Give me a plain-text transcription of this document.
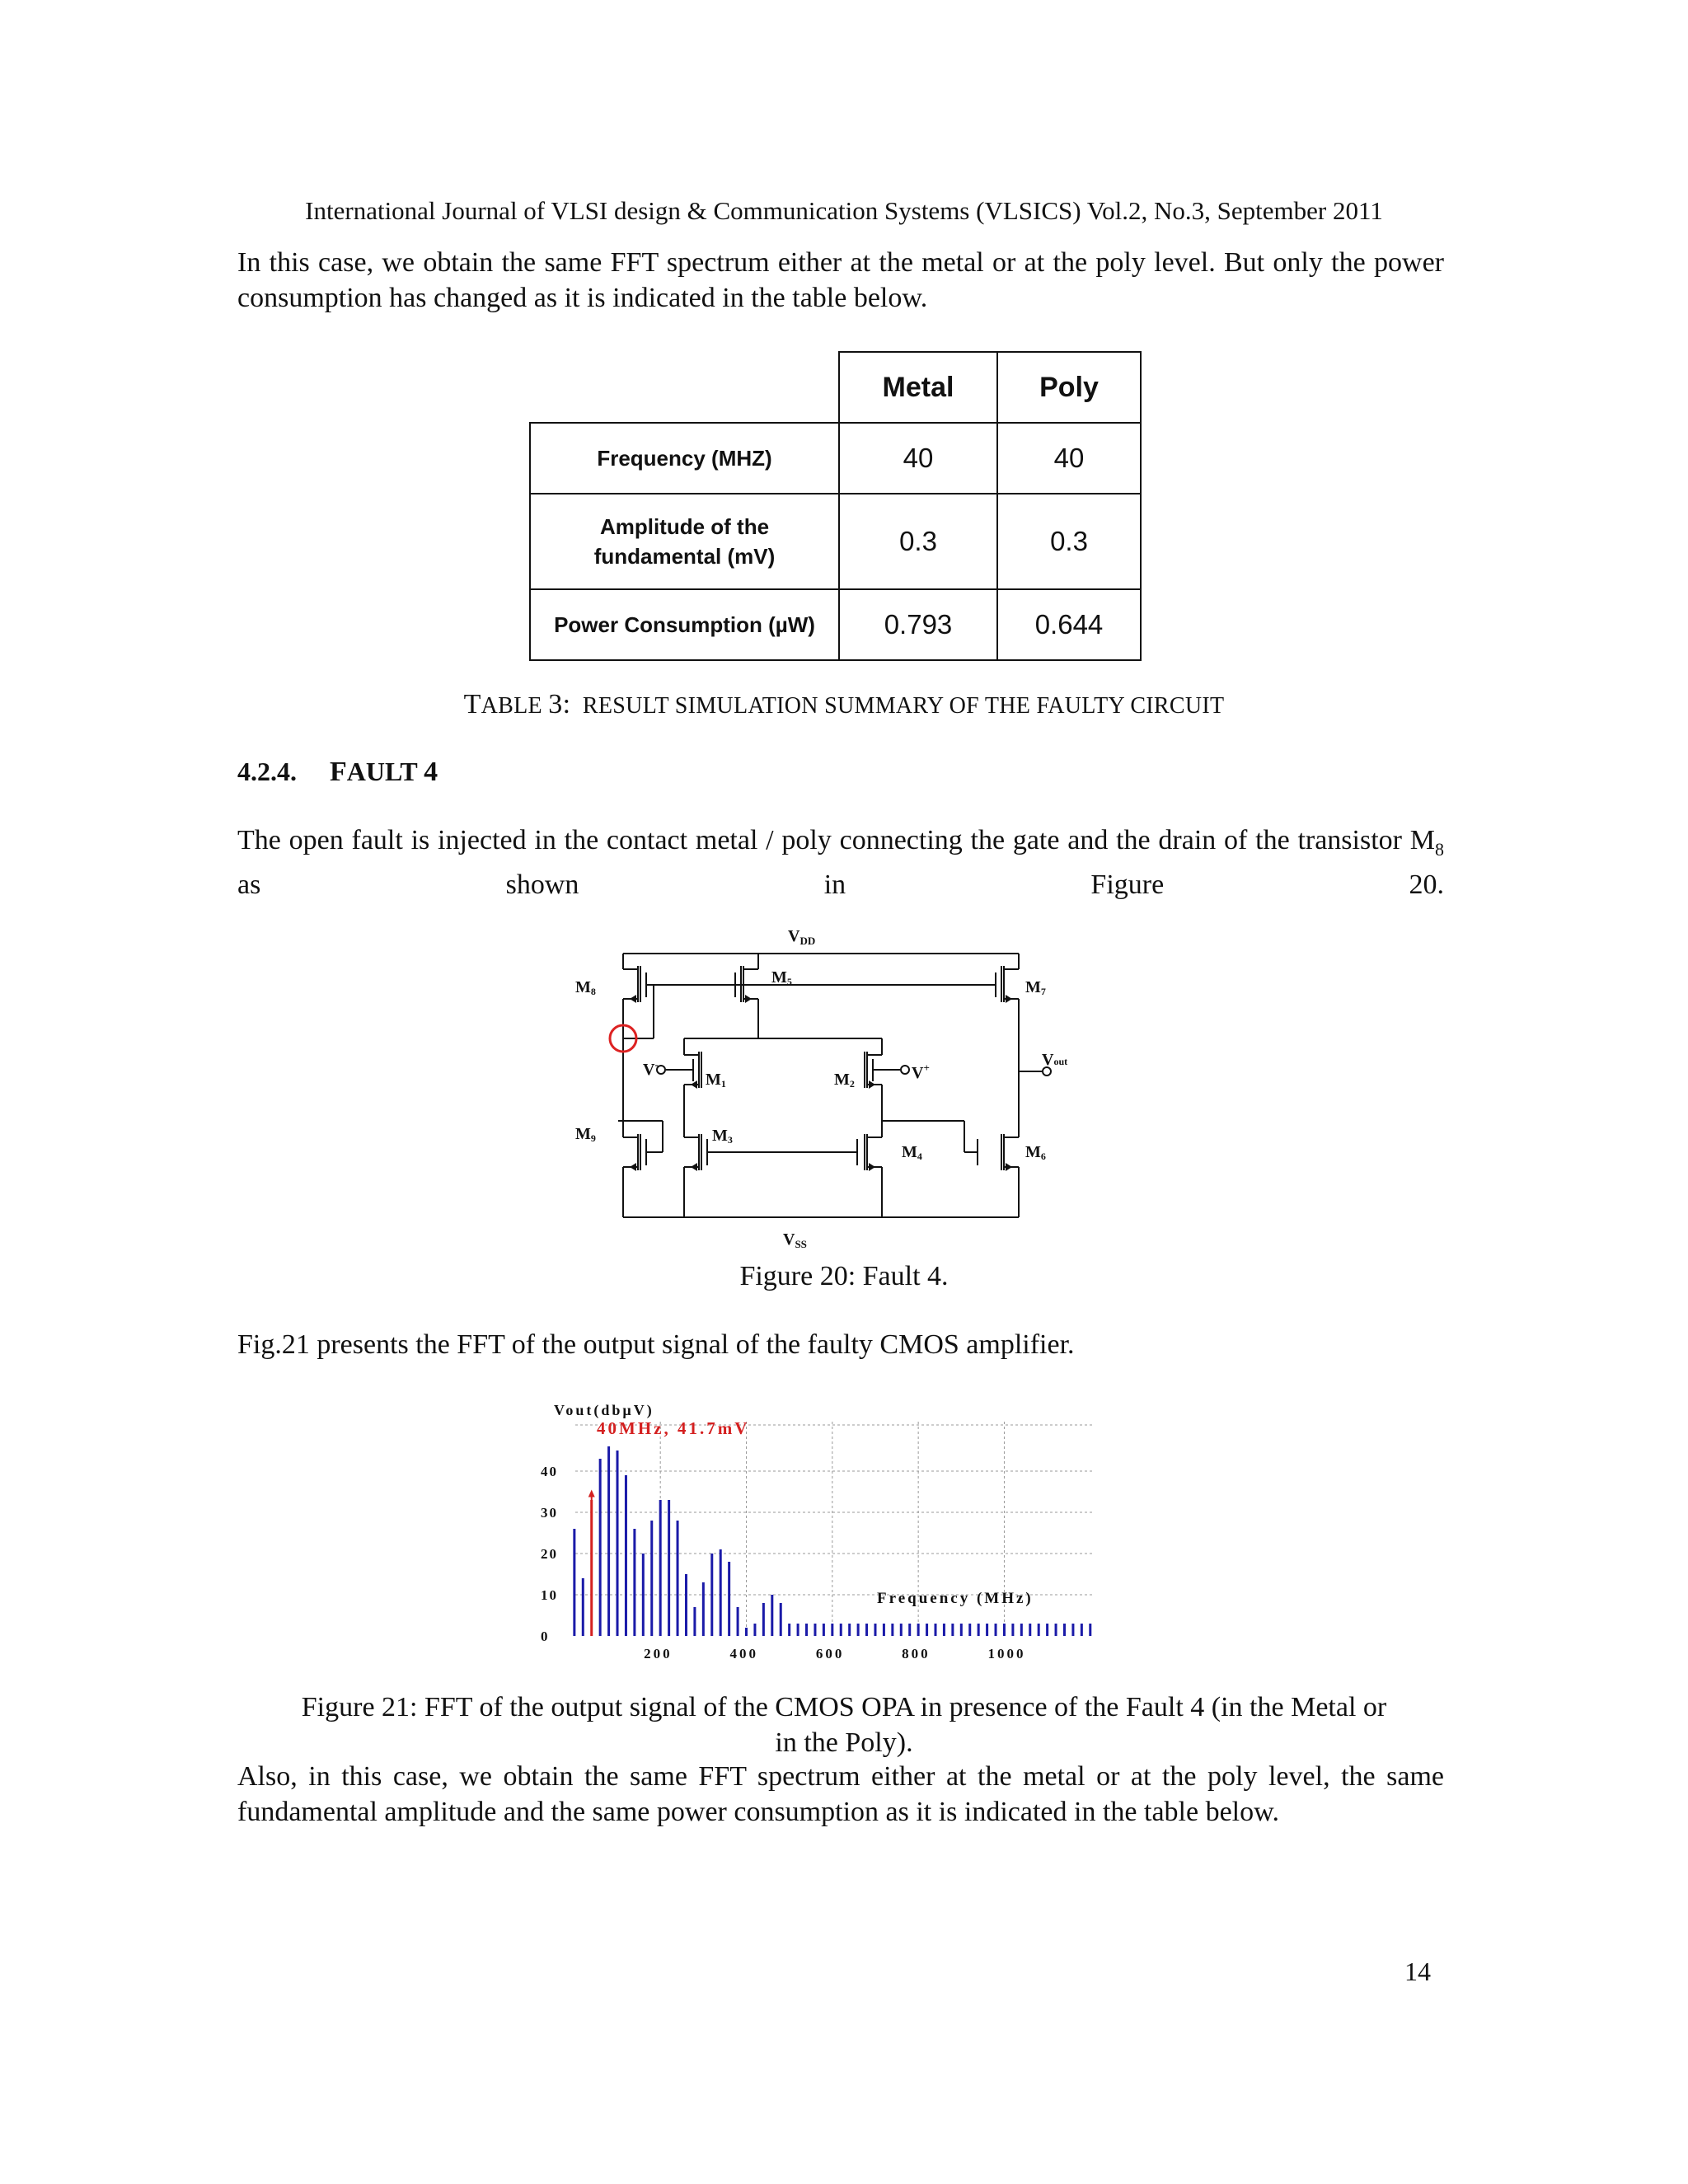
International Journal of VLSI design & Communication Systems (VLSICS) Vol.2, No.3, September 2011
In this case, we obtain the same FFT spectrum either at the metal or at the poly level. But only the power consumption has changed as it is indicated in the table below.
	Metal	Poly
Frequency (MHZ)	40	40

Amplitude of the
fundamental (mV)	0.3	0.3
Power Consumption (µW)	0.793	0.644
TABLE 3: RESULT SIMULATION SUMMARY OF THE FAULTY CIRCUIT
4.2.4. FAULT 4
The open fault is injected in the contact metal / poly connecting the gate and the drain of the transistor $M_8$ as shown in Figure 20.
$V_{DD}$
$V_{SS}$
Vout
V-	V+
M8
M9
M5	M7
M1	M2
M3
M4	M6
Figure 20: Fault 4.
Fig.21 presents the FFT of the output signal of the faulty CMOS amplifier.
0
10
20
30
40
200	400	600	800	1000
Vout(dbµV)
40MHz, 41.7mV
Frequency (MHz)
Figure 21: FFT of the output signal of the CMOS OPA in presence of the Fault 4 (in the Metal or
in the Poly).
Also, in this case, we obtain the same FFT spectrum either at the metal or at the poly level, the same fundamental amplitude and the same power consumption as it is indicated in the table below.
14
